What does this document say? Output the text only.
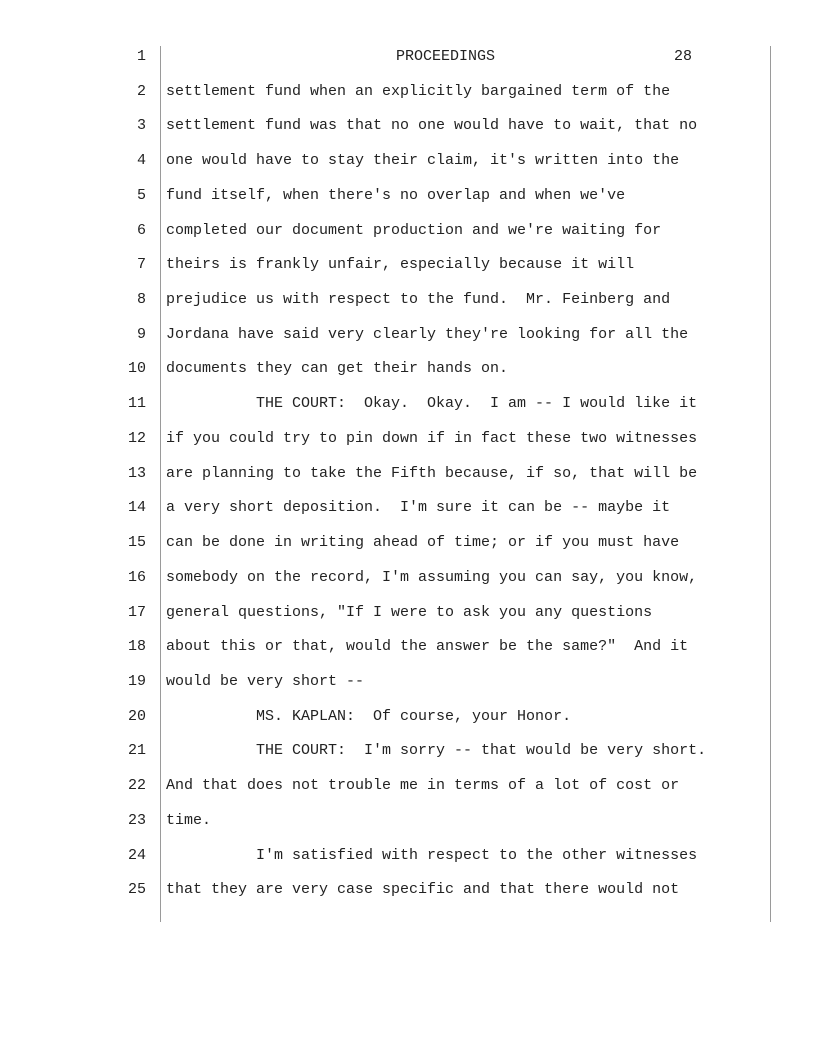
PROCEEDINGS	28
1
2 settlement fund when an explicitly bargained term of the
3 settlement fund was that no one would have to wait, that no
4 one would have to stay their claim, it's written into the
5 fund itself, when there's no overlap and when we've
6 completed our document production and we're waiting for
7 theirs is frankly unfair, especially because it will
8 prejudice us with respect to the fund.  Mr. Feinberg and
9 Jordana have said very clearly they're looking for all the
10 documents they can get their hands on.
11 THE COURT:  Okay.  Okay.  I am -- I would like it
12 if you could try to pin down if in fact these two witnesses
13 are planning to take the Fifth because, if so, that will be
14 a very short deposition.  I'm sure it can be -- maybe it
15 can be done in writing ahead of time; or if you must have
16 somebody on the record, I'm assuming you can say, you know,
17 general questions, "If I were to ask you any questions
18 about this or that, would the answer be the same?"  And it
19 would be very short --
20 MS. KAPLAN:  Of course, your Honor.
21 THE COURT:  I'm sorry -- that would be very short.
22 And that does not trouble me in terms of a lot of cost or
23 time.
24 I'm satisfied with respect to the other witnesses
25 that they are very case specific and that there would not
